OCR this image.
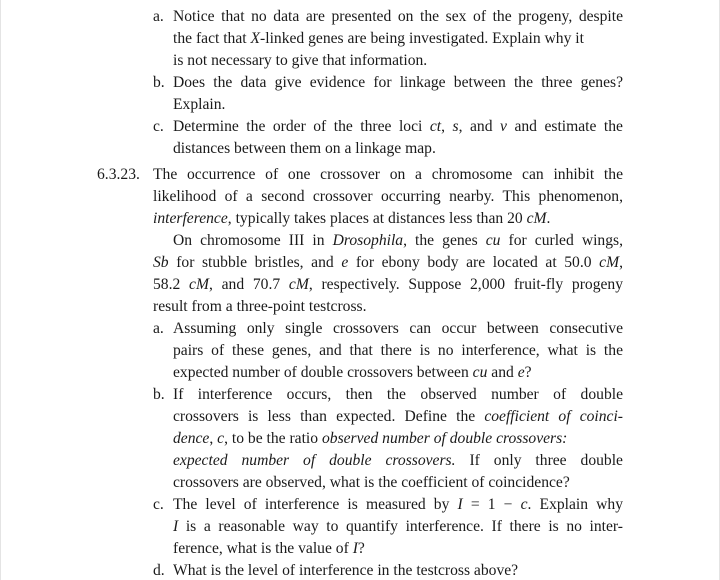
a. Notice that no data are presented on the sex of the progeny, despite
the fact that X-linked genes are being investigated. Explain why it
is not necessary to give that information.
b. Does the data give evidence for linkage between the three genes?
Explain.
c. Determine the order of the three loci ct, s, and v and estimate the
distances between them on a linkage map.
6.3.23. The occurrence of one crossover on a chromosome can inhibit the
likelihood of a second crossover occurring nearby. This phenomenon,
interference, typically takes places at distances less than 20 cM.
On chromosome III in Drosophila, the genes cu for curled wings,
Sb for stubble bristles, and e for ebony body are located at 50.0 cM,
58.2 cM, and 70.7 cM, respectively. Suppose 2,000 fruit-fly progeny
result from a three-point testcross.
a. Assuming only single crossovers can occur between consecutive
pairs of these genes, and that there is no interference, what is the
expected number of double crossovers between cu and e?
b. If interference occurs, then the observed number of double
crossovers is less than expected. Define the coefficient of coinci-
dence, c, to be the ratio observed number of double crossovers:
expected number of double crossovers. If only three double
crossovers are observed, what is the coefficient of coincidence?
c. The level of interference is measured by I = 1 − c. Explain why
I is a reasonable way to quantify interference. If there is no inter-
ference, what is the value of I?
d. What is the level of interference in the testcross above?
